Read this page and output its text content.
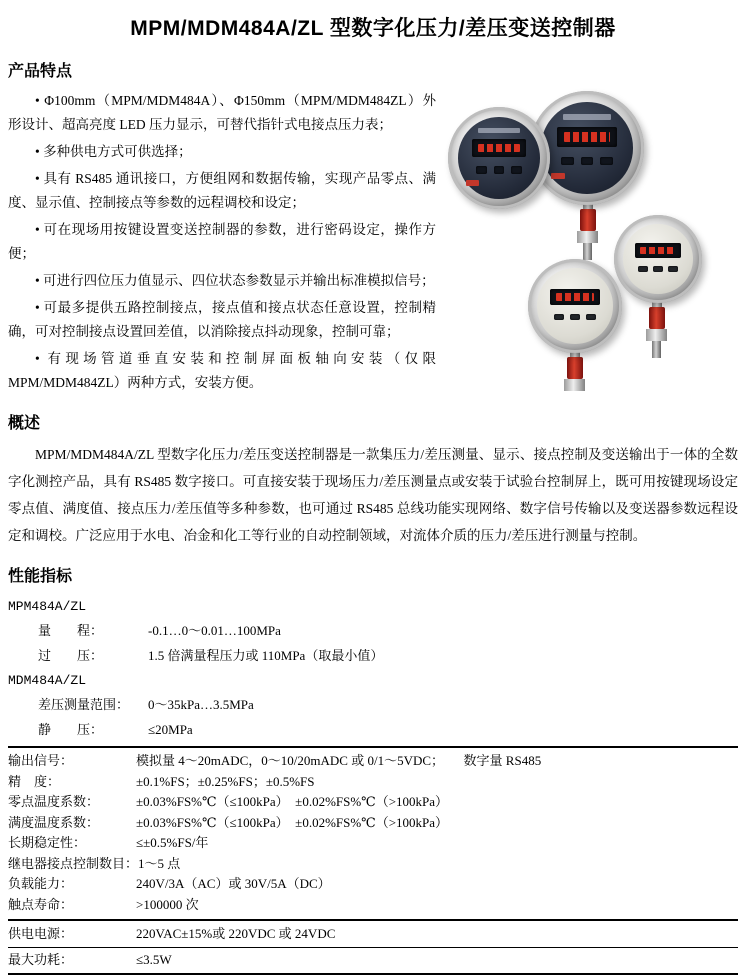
MPM/MDM484A/ZL 型数字化压力/差压变送控制器
产品特点
• Φ100mm（MPM/MDM484A）、Φ150mm（MPM/MDM484ZL）外形设计、超高亮度 LED 压力显示，可替代指针式电接点压力表；
• 多种供电方式可供选择；
• 具有 RS485 通讯接口，方便组网和数据传输，实现产品零点、满度、显示值、控制接点等参数的远程调校和设定；
• 可在现场用按键设置变送控制器的参数，进行密码设定，操作方便；
• 可进行四位压力值显示、四位状态参数显示并输出标准模拟信号；
• 可最多提供五路控制接点，接点值和接点状态任意设置，控制精确，可对控制接点设置回差值，以消除接点抖动现象，控制可靠；
• 有现场管道垂直安装和控制屏面板轴向安装（仅限 MPM/MDM484ZL）两种方式，安装方便。
概述

MPM/MDM484A/ZL 型数字化压力/差压变送控制器是一款集压力/差压测量、显示、接点控制及变送输出于一体的全数字化测控产品，具有 RS485 数字接口。可直接安装于现场压力/差压测量点或安装于试验台控制屏上，既可用按键现场设定零点值、满度值、接点压力/差压值等多种参数，也可通过 RS485 总线功能实现网络、数字信号传输以及变送器参数远程设定和调校。广泛应用于水电、冶金和化工等行业的自动控制领域，对流体介质的压力/差压进行测量与控制。

性能指标
MPM484A/ZL
量　　程：	-0.1…0～0.01…100MPa
过　　压：	1.5 倍满量程压力或 110MPa（取最小值）
MDM484A/ZL
差压测量范围：	0～35kPa…3.5MPa
静　　压：	≤20MPa
输出信号：	模拟量 4～20mADC，0～10/20mADC 或 0/1～5VDC；　　数字量 RS485
精　度：	±0.1%FS；±0.25%FS；±0.5%FS
零点温度系数：	±0.03%FS%℃（≤100kPa）　±0.02%FS%℃（>100kPa）
满度温度系数：	±0.03%FS%℃（≤100kPa）　±0.02%FS%℃（>100kPa）
长期稳定性：	≤±0.5%FS/年
继电器接点控制数目： 1～5 点
负载能力：	240V/3A（AC）或 30V/5A（DC）
触点寿命：	>100000 次
供电电源：	220VAC±15%或 220VDC 或 24VDC
最大功耗：	≤3.5W
